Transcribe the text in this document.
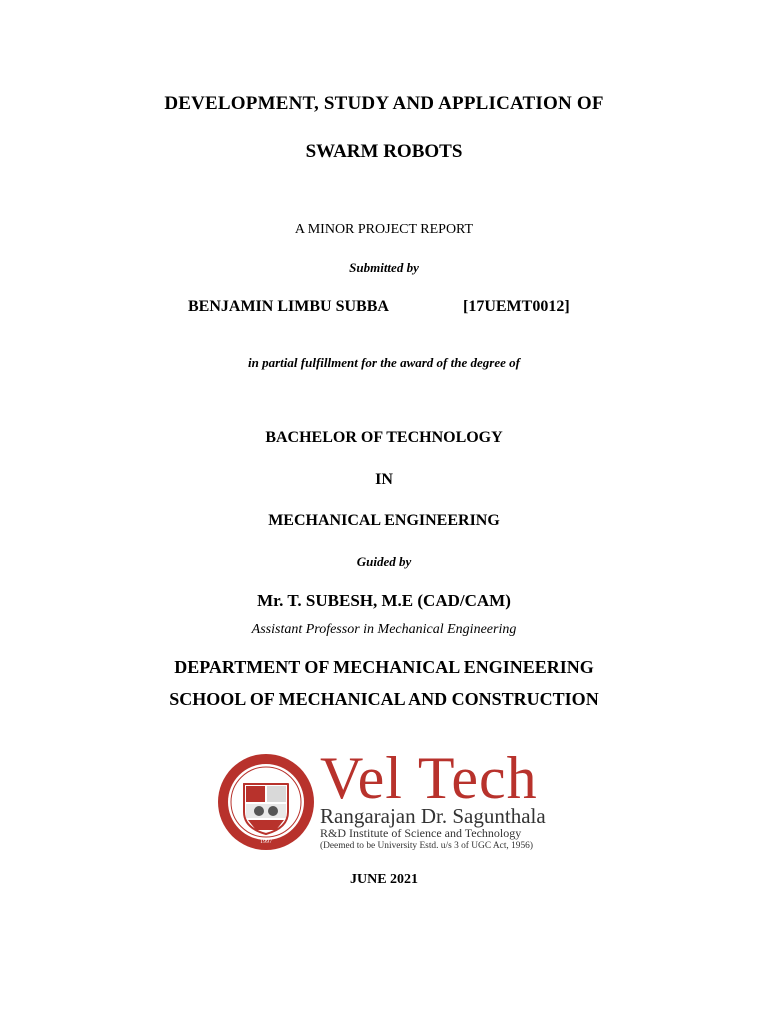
DEVELOPMENT, STUDY AND APPLICATION OF
SWARM ROBOTS
A MINOR PROJECT REPORT
Submitted by
BENJAMIN LIMBU SUBBA	[17UEMT0012]
in partial fulfillment for the award of the degree of
BACHELOR OF TECHNOLOGY
IN
MECHANICAL ENGINEERING
Guided by
Mr. T. SUBESH, M.E (CAD/CAM)
Assistant Professor in Mechanical Engineering
DEPARTMENT OF MECHANICAL ENGINEERING
SCHOOL OF MECHANICAL AND CONSTRUCTION
1997
Vel Tech
Rangarajan Dr. Sagunthala
R&D Institute of Science and Technology
(Deemed to be University Estd. u/s 3 of UGC Act, 1956)
JUNE 2021
